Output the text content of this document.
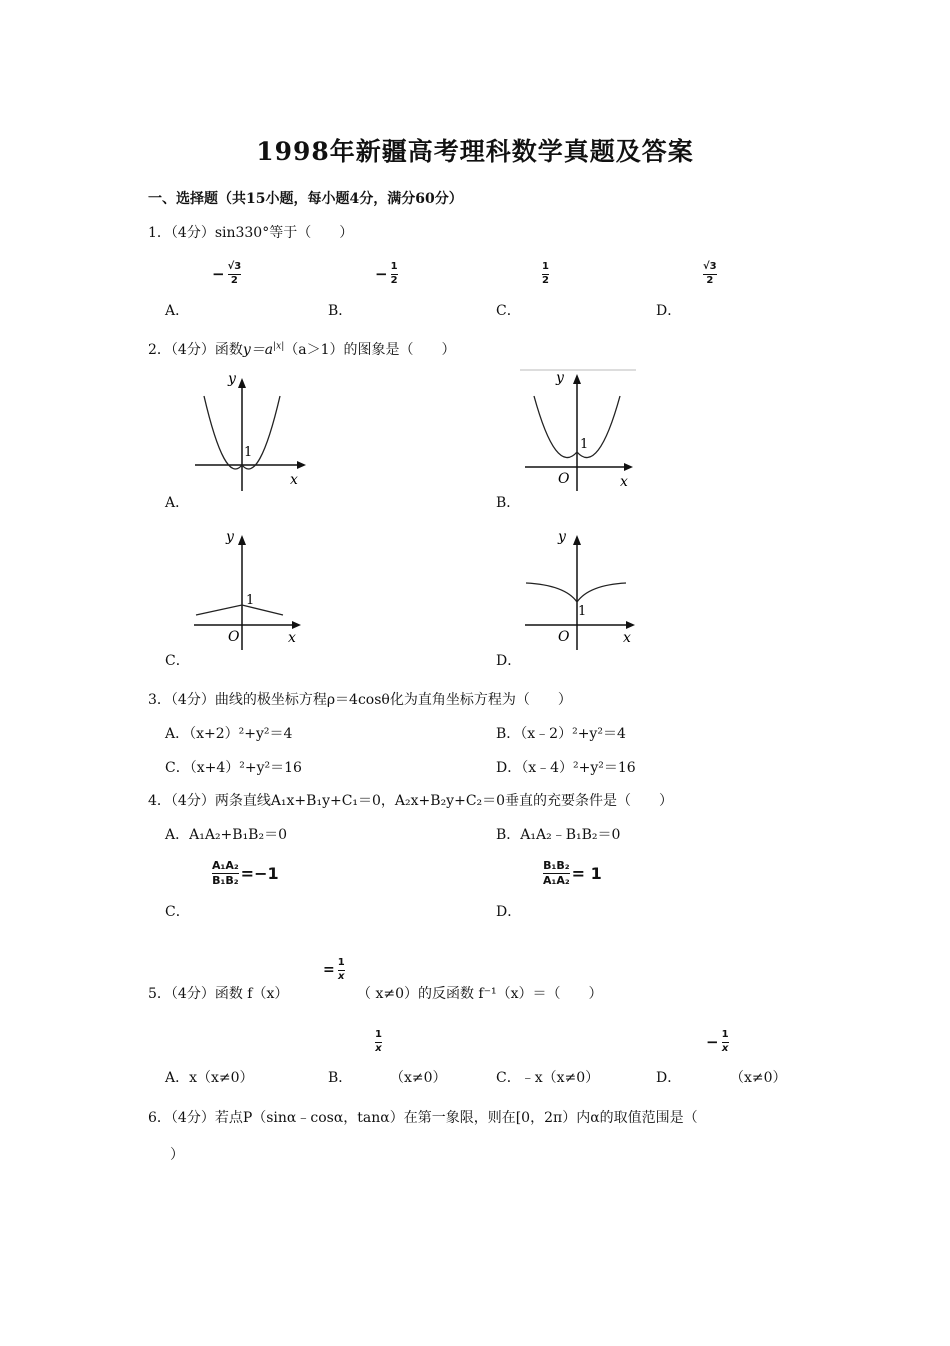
1998年新疆高考理科数学真题及答案
一、选择题（共15小题，每小题4分，满分60分）
1．（4分）sin330°等于（　　）
− $\frac{√3}{2}$	− $\frac{1}{2}$	$\frac{1}{2}$	$\frac{√3}{2}$
A．	B．	C．	D．
2．（4分）函数$y=a^{|x|}(a>1)$的图象是（　　）
y
x
1
A．
y
x
1
O
B．
y
x
1
O
C．
y
x
1
O
D．
3．（4分）曲线的极坐标方程ρ＝4cosθ化为直角坐标方程为（　　）
A．（x+2）²+y²＝4	B．（x﹣2）²+y²＝4
C．（x+4）²+y²＝16	D．（x﹣4）²+y²＝16
4．（4分）两条直线A₁x+B₁y+C₁＝0，A₂x+B₂y+C₂＝0垂直的充要条件是（　　）
A．A₁A₂+B₁B₂＝0	B．A₁A₂﹣B₁B₂＝0
$\frac{\text{A₁A₂}}{\text{B₁B₂}} =-1$	$\frac{\text{B₁B₂}}{\text{A₁A₂}} = 1$
C．	D．
= $\frac{1}{x}$
5．（4分）函数 f（x）	（ x≠0）的反函数 f⁻¹（x）＝（　　）
$\frac{1}{x}$	− $\frac{1}{x}$
A．x（x≠0）	B．	（x≠0）	C．﹣x（x≠0）	D．	（x≠0）
6．（4分）若点P（sinα﹣cosα，tanα）在第一象限，则在[0，2π）内α的取值范围是（
）
